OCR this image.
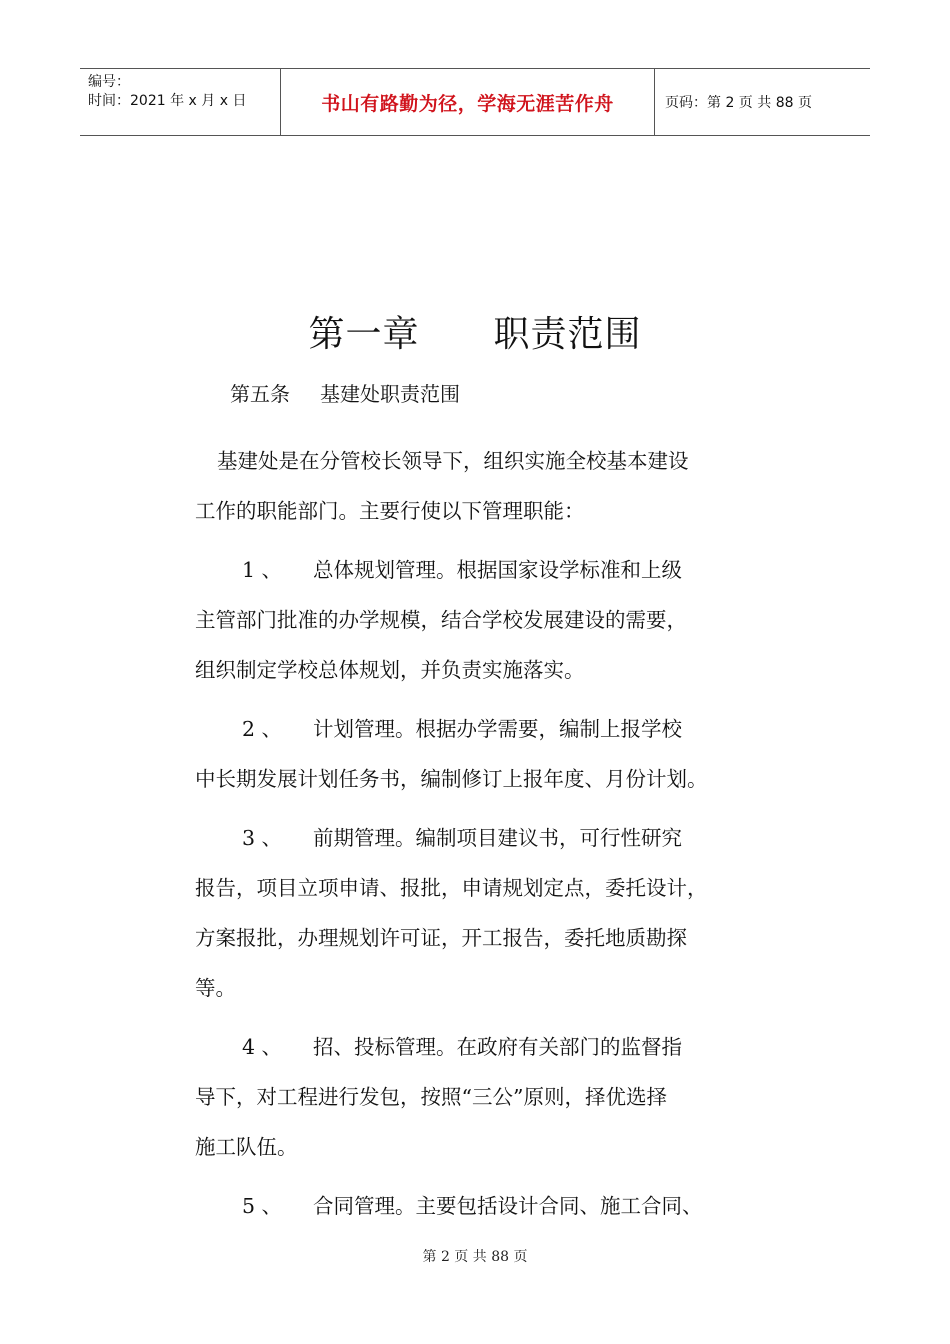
编号：
时间：2021 年 x 月 x 日	书山有路勤为径，学海无涯苦作舟	页码：第 2 页 共 88 页
第一章 职责范围
第五条 基建处职责范围

基建处是在分管校长领导下，组织实施全校基本建设

工作的职能部门。主要行使以下管理职能：

1 、 总体规划管理。根据国家设学标准和上级

主管部门批准的办学规模，结合学校发展建设的需要，

组织制定学校总体规划，并负责实施落实。

2 、 计划管理。根据办学需要，编制上报学校

中长期发展计划任务书，编制修订上报年度、月份计划。

3 、 前期管理。编制项目建议书，可行性研究

报告，项目立项申请、报批，申请规划定点，委托设计，

方案报批，办理规划许可证，开工报告，委托地质勘探

等。

4 、 招、投标管理。在政府有关部门的监督指

导下，对工程进行发包，按照“三公”原则，择优选择

施工队伍。

5 、 合同管理。主要包括设计合同、施工合同、

第 2 页 共 88 页
